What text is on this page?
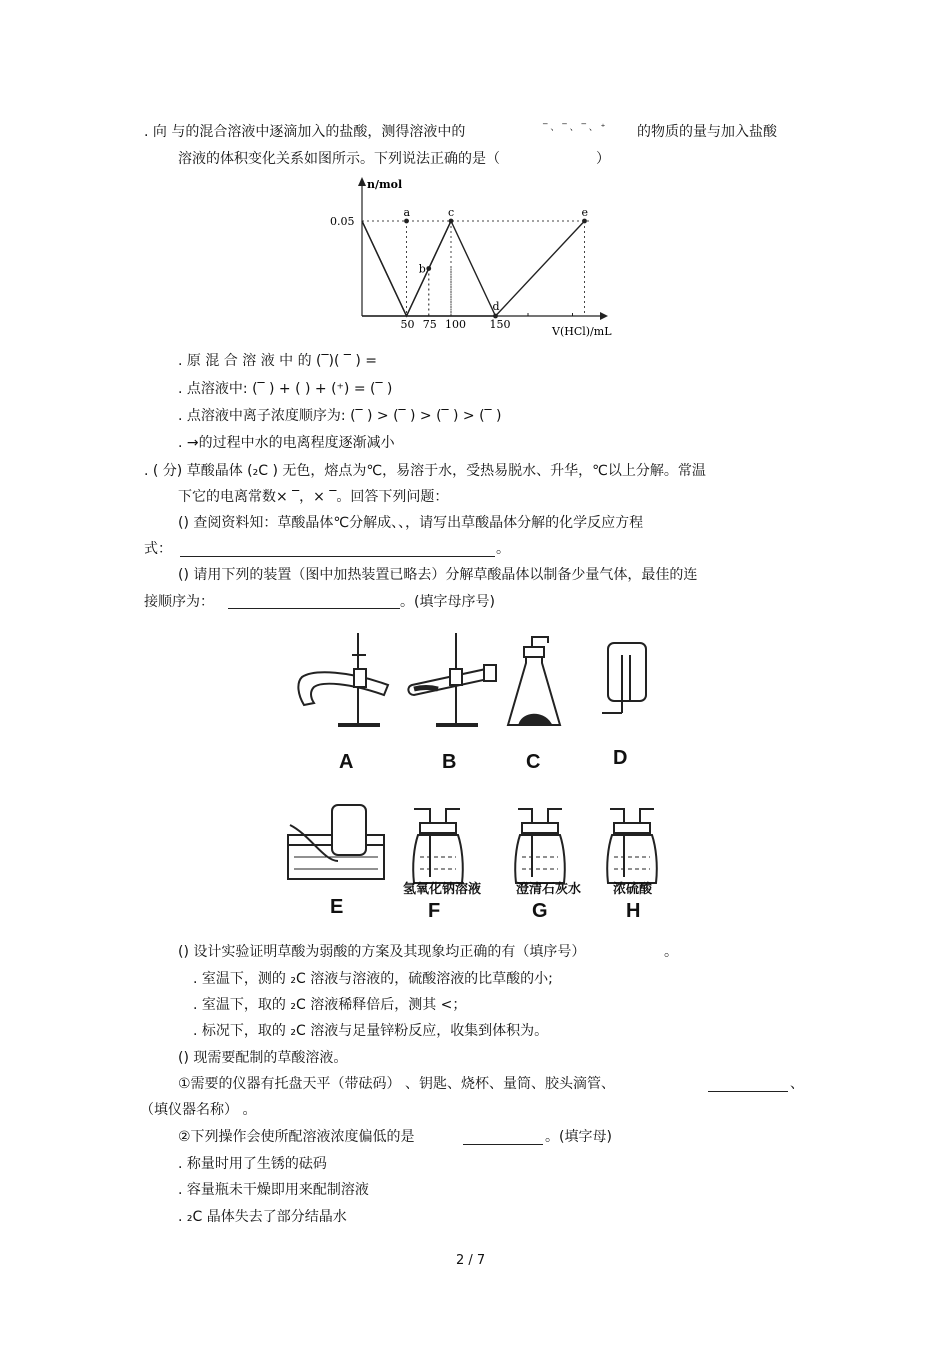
. 向 与的混合溶液中逐滴加入的盐酸，测得溶液中的	‾ 、 ‾ 、 ‾ 、 ⁺ 的物质的量与加入盐酸
溶液的体积变化关系如图所示。下列说法正确的是（	）
a
b
c
d
e
n/mol
V(HCl)/mL
0.05
50 75 100 150
. 原 混 合 溶 液 中 的 (‾)( ‾ ) =
. 点溶液中: (‾ ) + ( ) + (⁺) = (‾ )
. 点溶液中离子浓度顺序为: (‾ ) > (‾ ) > (‾ ) > (‾ )
. →的过程中水的电离程度逐渐减小
. ( 分) 草酸晶体 (₂C ) 无色，熔点为℃，易溶于水，受热易脱水、升华，℃以上分解。常温
下它的电离常数× ‾，× ‾。回答下列问题：
() 查阅资料知：草酸晶体℃分解成、、，请写出草酸晶体分解的化学反应方程
式：	。
() 请用下列的装置（图中加热装置已略去）分解草酸晶体以制备少量气体，最佳的连
接顺序为：	。(填字母序号)
A	B	C	D
E
氢氧化钠溶液	澄清石灰水 浓硫酸
F	G	H
() 设计实验证明草酸为弱酸的方案及其现象均正确的有（填序号）	。
. 室温下，测的 ₂C 溶液与溶液的，硫酸溶液的比草酸的小;
. 室温下，取的 ₂C 溶液稀释倍后，测其 <；
. 标况下，取的 ₂C 溶液与足量锌粉反应，收集到体积为。
() 现需要配制的草酸溶液。
①需要的仪器有托盘天平（带砝码） 、钥匙、烧杯、量筒、胶头滴管、	、
（填仪器名称） 。
②下列操作会使所配溶液浓度偏低的是	。(填字母)
. 称量时用了生锈的砝码
. 容量瓶未干燥即用来配制溶液
. ₂C 晶体失去了部分结晶水
2 / 7
